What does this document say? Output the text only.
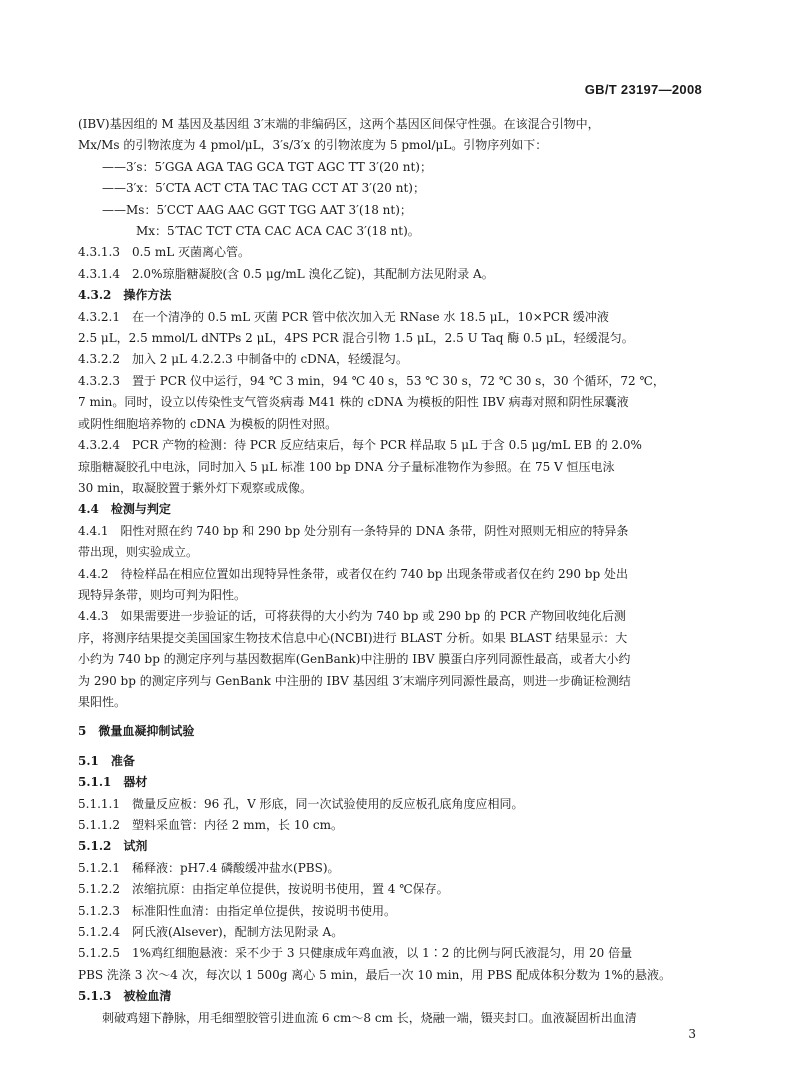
GB/T 23197—2008
(IBV)基因组的 M 基因及基因组 3′末端的非编码区，这两个基因区间保守性强。在该混合引物中，
Mx/Ms 的引物浓度为 4 pmol/μL，3′s/3′x 的引物浓度为 5 pmol/μL。引物序列如下：
——3′s：5′GGA AGA TAG GCA TGT AGC TT 3′(20 nt)；
——3′x：5′CTA ACT CTA TAC TAG CCT AT 3′(20 nt)；
——Ms：5′CCT AAG AAC GGT TGG AAT 3′(18 nt)；
Mx：5′TAC TCT CTA CAC ACA CAC 3′(18 nt)。
4.3.1.3　0.5 mL 灭菌离心管。
4.3.1.4　2.0%琼脂糖凝胶(含 0.5 μg/mL 溴化乙锭)，其配制方法见附录 A。
4.3.2　操作方法
4.3.2.1　在一个清净的 0.5 mL 灭菌 PCR 管中依次加入无 RNase 水 18.5 μL，10×PCR 缓冲液
2.5 μL，2.5 mmol/L dNTPs 2 μL，4PS PCR 混合引物 1.5 μL，2.5 U Taq 酶 0.5 μL，轻缓混匀。
4.3.2.2　加入 2 μL 4.2.2.3 中制备中的 cDNA，轻缓混匀。
4.3.2.3　置于 PCR 仪中运行，94 ℃ 3 min，94 ℃ 40 s，53 ℃ 30 s，72 ℃ 30 s，30 个循环，72 ℃，
7 min。同时，设立以传染性支气管炎病毒 M41 株的 cDNA 为模板的阳性 IBV 病毒对照和阴性尿囊液
或阴性细胞培养物的 cDNA 为模板的阴性对照。
4.3.2.4　PCR 产物的检测：待 PCR 反应结束后，每个 PCR 样品取 5 μL 于含 0.5 μg/mL EB 的 2.0%
琼脂糖凝胶孔中电泳，同时加入 5 μL 标准 100 bp DNA 分子量标准物作为参照。在 75 V 恒压电泳
30 min，取凝胶置于紫外灯下观察或成像。
4.4　检测与判定
4.4.1　阳性对照在约 740 bp 和 290 bp 处分别有一条特异的 DNA 条带，阴性对照则无相应的特异条
带出现，则实验成立。
4.4.2　待检样品在相应位置如出现特异性条带，或者仅在约 740 bp 出现条带或者仅在约 290 bp 处出
现特异条带，则均可判为阳性。
4.4.3　如果需要进一步验证的话，可将获得的大小约为 740 bp 或 290 bp 的 PCR 产物回收纯化后测
序，将测序结果提交美国国家生物技术信息中心(NCBI)进行 BLAST 分析。如果 BLAST 结果显示：大
小约为 740 bp 的测定序列与基因数据库(GenBank)中注册的 IBV 膜蛋白序列同源性最高，或者大小约
为 290 bp 的测定序列与 GenBank 中注册的 IBV 基因组 3′末端序列同源性最高，则进一步确证检测结
果阳性。
5　微量血凝抑制试验
5.1　准备
5.1.1　器材
5.1.1.1　微量反应板：96 孔，V 形底，同一次试验使用的反应板孔底角度应相同。
5.1.1.2　塑料采血管：内径 2 mm，长 10 cm。
5.1.2　试剂
5.1.2.1　稀释液：pH7.4 磷酸缓冲盐水(PBS)。
5.1.2.2　浓缩抗原：由指定单位提供，按说明书使用，置 4 ℃保存。
5.1.2.3　标准阳性血清：由指定单位提供，按说明书使用。
5.1.2.4　阿氏液(Alsever)，配制方法见附录 A。
5.1.2.5　1%鸡红细胞悬液：采不少于 3 只健康成年鸡血液，以 1∶2 的比例与阿氏液混匀，用 20 倍量
PBS 洗涤 3 次～4 次，每次以 1 500g 离心 5 min，最后一次 10 min，用 PBS 配成体积分数为 1%的悬液。
5.1.3　被检血清
刺破鸡翅下静脉，用毛细塑胶管引进血流 6 cm～8 cm 长，烧融一端，镊夹封口。血液凝固析出血清
3
